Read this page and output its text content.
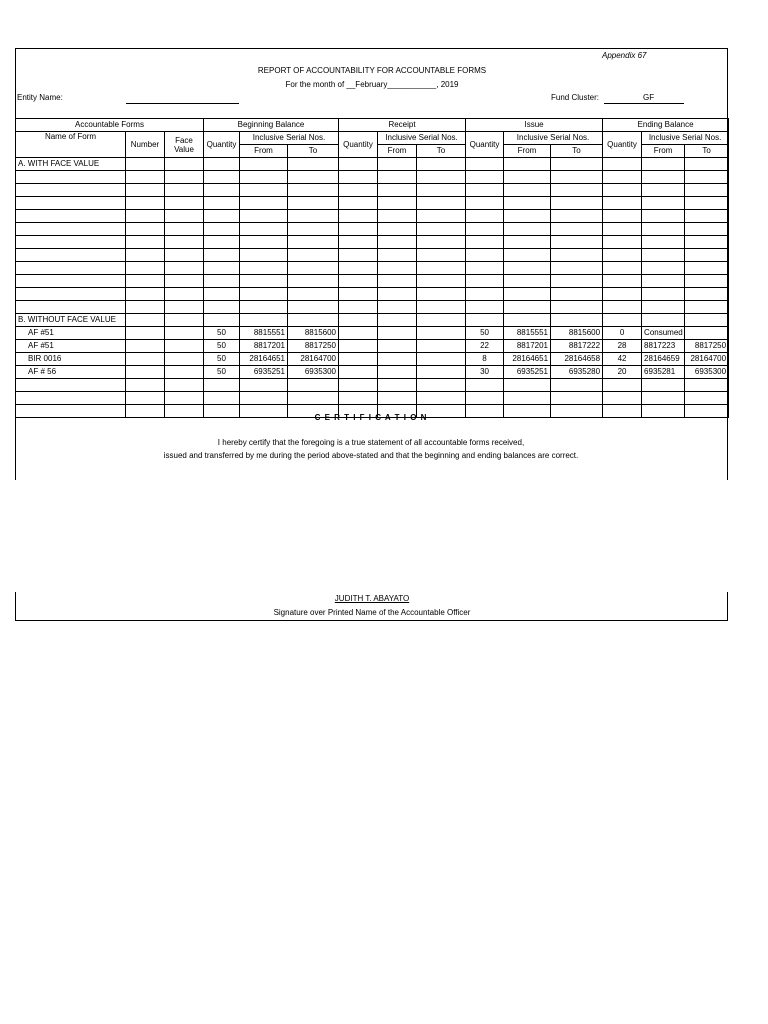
Appendix 67
REPORT OF ACCOUNTABILITY FOR ACCOUNTABLE FORMS
For the month of __February___________, 2019
Entity Name:	Fund Cluster:	GF
Accountable Forms			Beginning Balance			Receipt			Issue			Ending Balance		
Name of Form	Number	Face Value	Quantity	Inclusive Serial Nos.		Quantity	Inclusive Serial Nos.		Quantity	Inclusive Serial Nos.		Quantity	Inclusive Serial Nos.	
				From	To		From	To		From	To		From	To
A. WITH FACE VALUE														

B. WITHOUT FACE VALUE														
AF #51			50	8815551	8815600				50	8815551	8815600	0	Consumed	
AF #51			50	8817201	8817250				22	8817201	8817222	28	8817223	8817250
BIR 0016			50	28164651	28164700				8	28164651	28164658	42	28164659	28164700
AF # 56			50	6935251	6935300				30	6935251	6935280	20	6935281	6935300

C E R T I F I C A T I O N
I hereby certify that the foregoing is a true statement of all accountable forms received,
issued and transferred by me during the period above-stated and that the beginning and ending balances are correct.
JUDITH T. ABAYATO
Signature over Printed Name of the Accountable Officer
